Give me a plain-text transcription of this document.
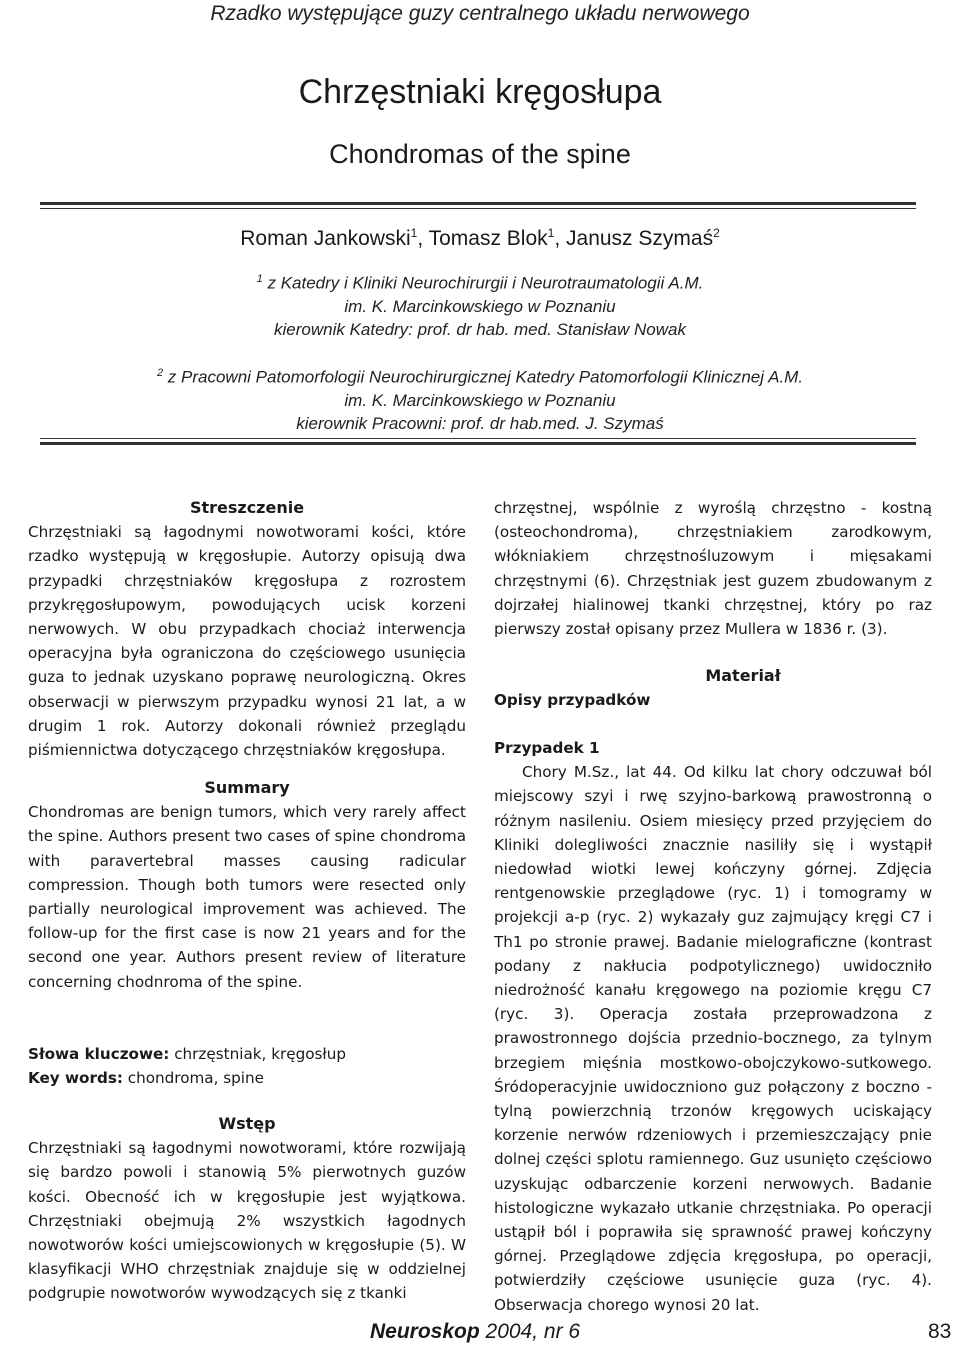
Rzadko występujące guzy centralnego układu nerwowego
Chrzęstniaki kręgosłupa
Chondromas of the spine
Roman Jankowski$^1$, Tomasz Blok$^1$, Janusz Szymaś$^2$
$^1$ z Katedry i Kliniki Neurochirurgii i Neurotraumatologii A.M.
im. K. Marcinkowskiego w Poznaniu
kierownik Katedry: prof. dr hab. med. Stanisław Nowak
$^2$ z Pracowni Patomorfologii Neurochirurgicznej Katedry Patomorfologii Klinicznej A.M.
im. K. Marcinkowskiego w Poznaniu
kierownik Pracowni: prof. dr hab.med. J. Szymaś
Streszczenie

Chrzęstniaki są łagodnymi nowotworami kości, które rzadko występują w kręgosłupie. Autorzy opisują dwa przypadki chrzęstniaków kręgosłupa z rozrostem przykręgosłupowym, powodujących ucisk korzeni nerwowych. W obu przypadkach chociaż interwencja operacyjna była ograniczona do częściowego usunięcia guza to jednak uzyskano poprawę neurologiczną. Okres obserwacji w pierwszym przypadku wynosi 21 lat, a w drugim 1 rok. Autorzy dokonali również przeglądu piśmiennictwa dotyczącego chrzęstniaków kręgosłupa.

Summary

Chondromas are benign tumors, which very rarely affect the spine. Authors present two cases of spine chondroma with paravertebral masses causing radicular compression. Though both tumors were resected only partially neurological improvement was achieved. The follow-up for the first case is now 21 years and for the second one year. Authors present review of literature concerning chodnroma of the spine.

Słowa kluczowe: chrzęstniak, kręgosłup
Key words: chondroma, spine
Wstęp

Chrzęstniaki są łagodnymi nowotworami, które rozwijają się bardzo powoli i stanowią 5% pierwotnych guzów kości. Obecność ich w kręgosłupie jest wyjątkowa. Chrzęstniaki obejmują 2% wszystkich łagodnych nowotworów kości umiejscowionych w kręgosłupie (5). W klasyfikacji WHO chrzęstniak znajduje się w oddzielnej podgrupie nowotworów wywodzących się z tkanki

chrzęstnej, wspólnie z wyroślą chrzęstno - kostną (osteochondroma), chrzęstniakiem zarodkowym, włókniakiem chrzęstnośluzowym i mięsakami chrzęstnymi (6). Chrzęstniak jest guzem zbudowanym z dojrzałej hialinowej tkanki chrzęstnej, który po raz pierwszy został opisany przez Mullera w 1836 r. (3).

Materiał
Opisy przypadków
Przypadek 1

Chory M.Sz., lat 44. Od kilku lat chory odczuwał ból miejscowy szyi i rwę szyjno-barkową prawostronną o różnym nasileniu. Osiem miesięcy przed przyjęciem do Kliniki dolegliwości znacznie nasiliły się i wystąpił niedowład wiotki lewej kończyny górnej. Zdjęcia rentgenowskie przeglądowe (ryc. 1) i tomogramy w projekcji a-p (ryc. 2) wykazały guz zajmujący kręgi C7 i Th1 po stronie prawej. Badanie mielograficzne (kontrast podany z nakłucia podpotylicznego) uwidoczniło niedrożność kanału kręgowego na poziomie kręgu C7 (ryc. 3). Operacja została przeprowadzona z prawostronnego dojścia przednio-bocznego, za tylnym brzegiem mięśnia mostkowo-obojczykowo-sutkowego. Śródoperacyjnie uwidoczniono guz połączony z boczno - tylną powierzchnią trzonów kręgowych uciskający korzenie nerwów rdzeniowych i przemieszczający pnie dolnej części splotu ramiennego. Guz usunięto częściowo uzyskując odbarczenie korzeni nerwowych. Badanie histologiczne wykazało utkanie chrzęstniaka. Po operacji ustąpił ból i poprawiła się sprawność prawej kończyny górnej. Przeglądowe zdjęcia kręgosłupa, po operacji, potwierdziły częściowe usunięcie guza (ryc. 4). Obserwacja chorego wynosi 20 lat.

Neuroskop 2004, nr 6	83
